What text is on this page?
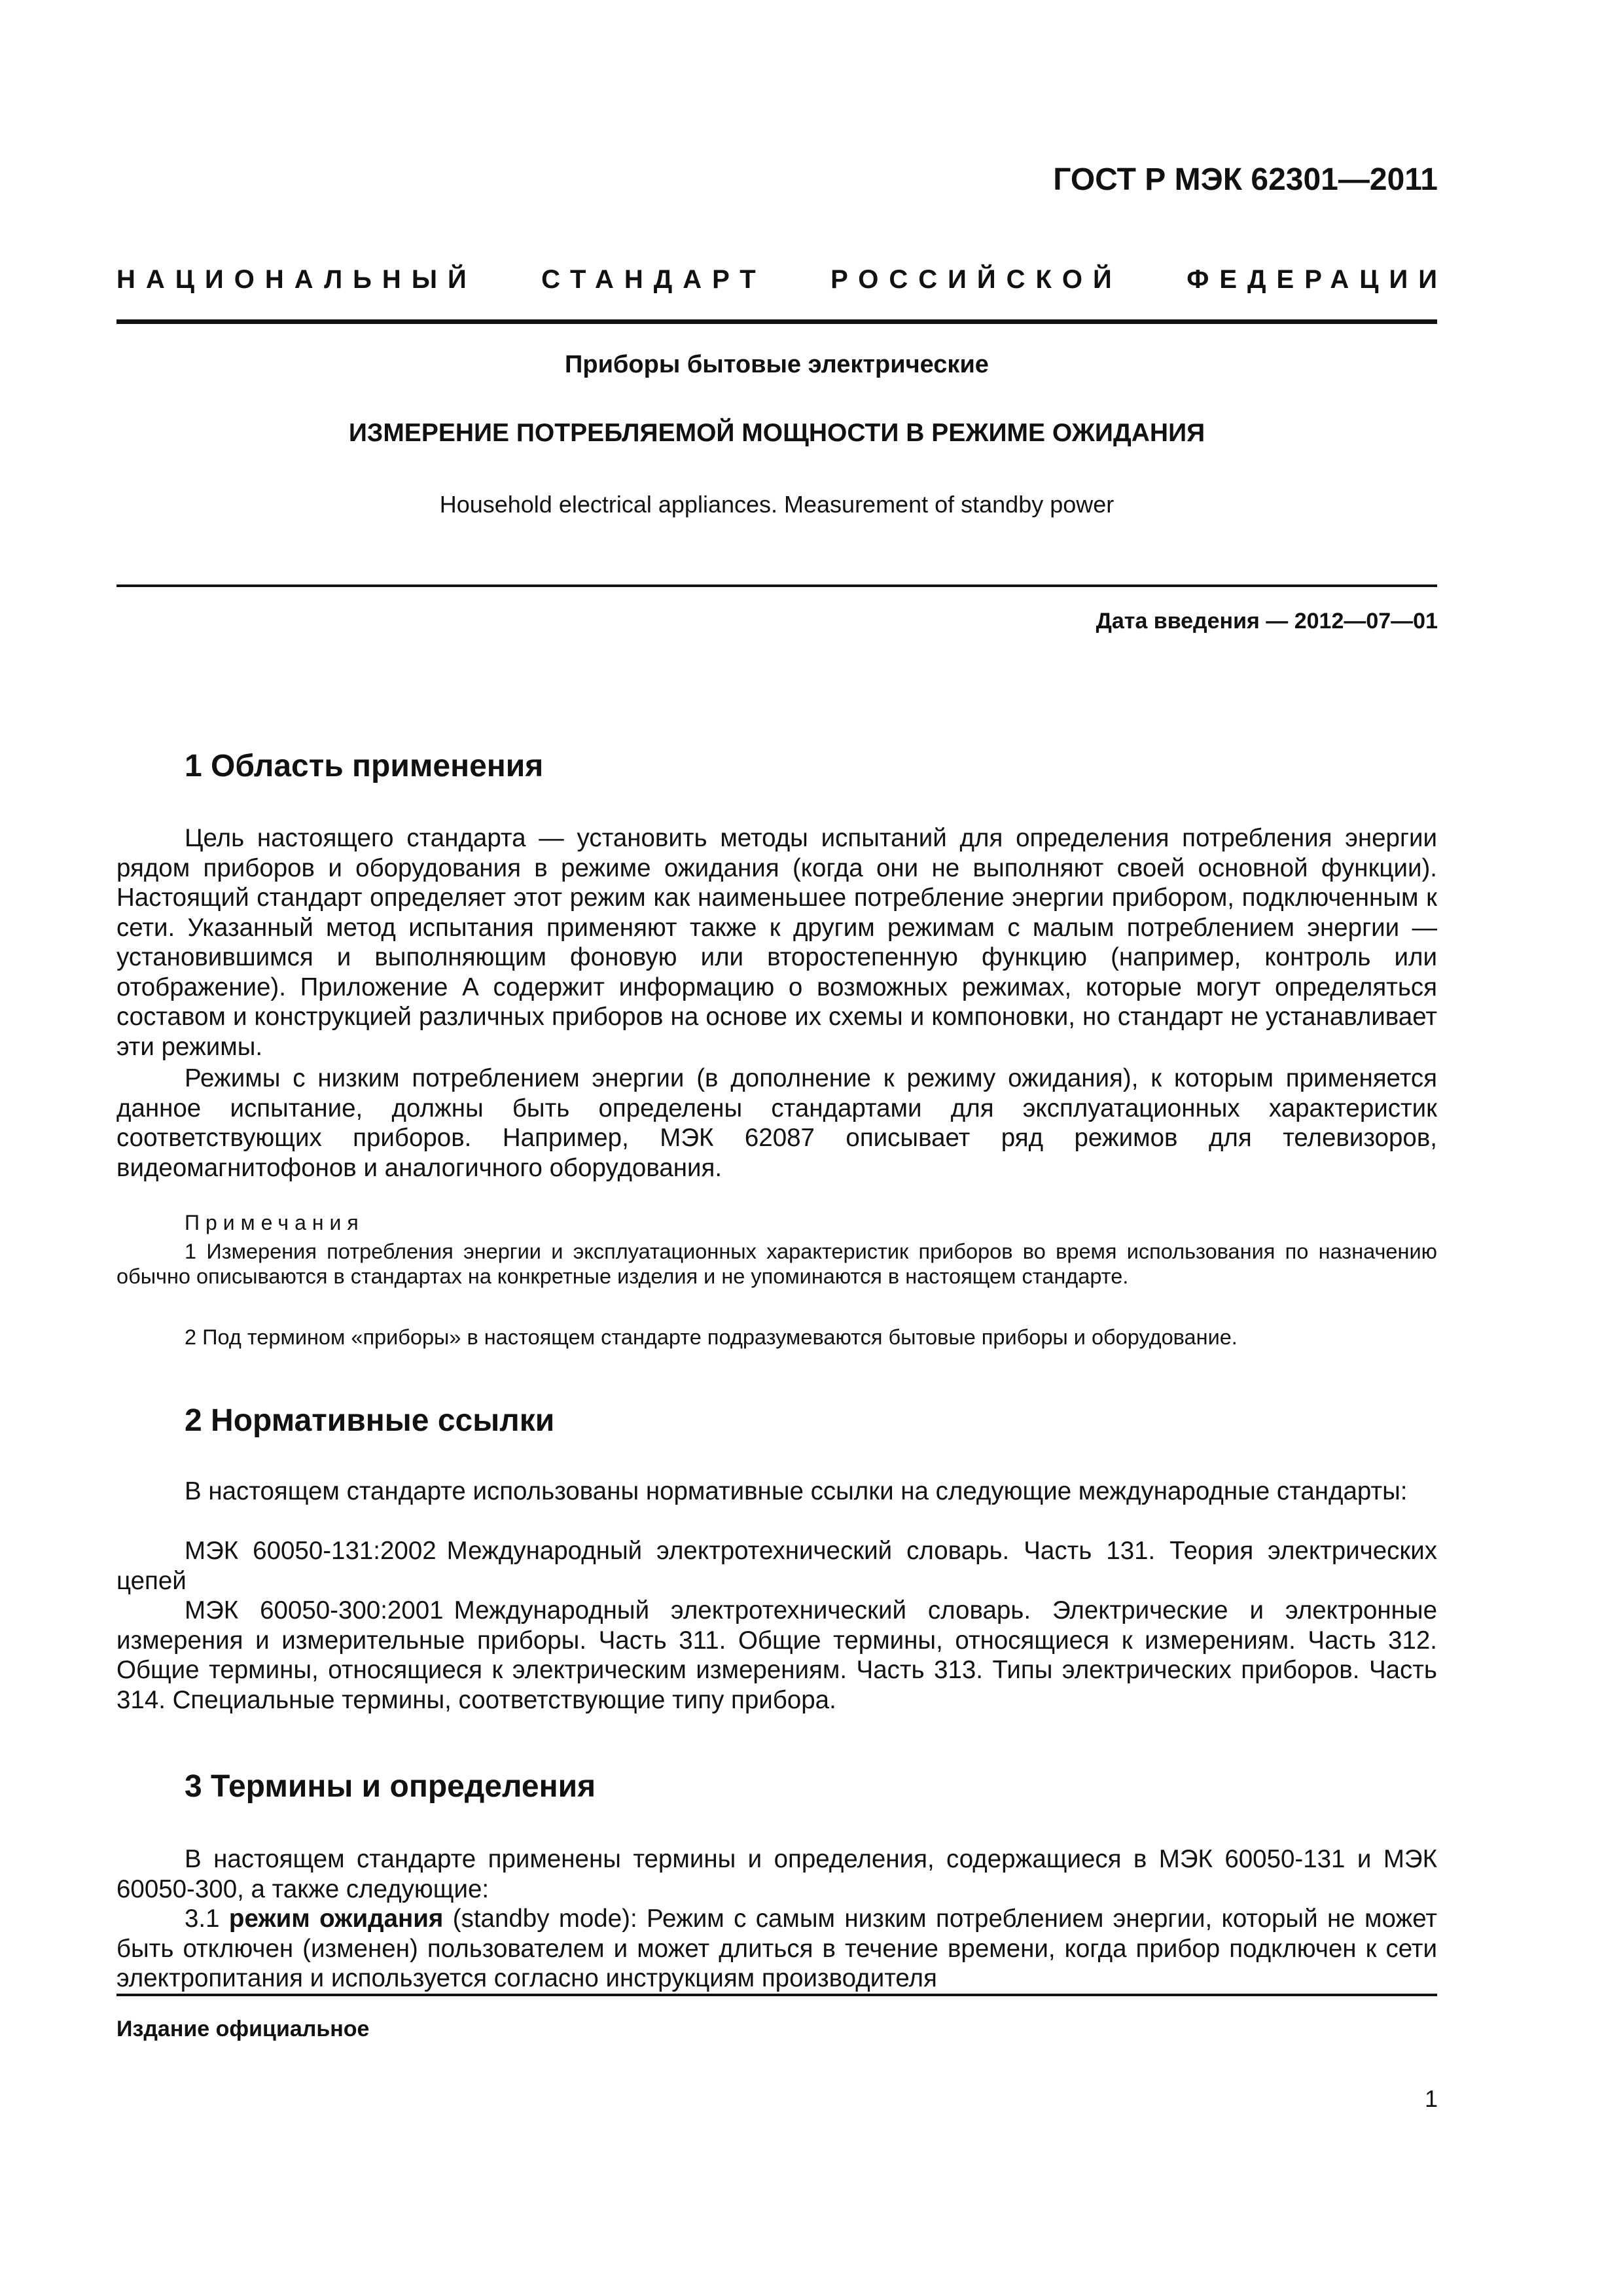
ГОСТ Р МЭК 62301—2011
НАЦИОНАЛЬНЫЙ СТАНДАРТ РОССИЙСКОЙ ФЕДЕРАЦИИ
Приборы бытовые электрические
ИЗМЕРЕНИЕ ПОТРЕБЛЯЕМОЙ МОЩНОСТИ В РЕЖИМЕ ОЖИДАНИЯ
Household electrical appliances. Measurement of standby power
Дата введения — 2012—07—01
1 Область применения

Цель настоящего стандарта — установить методы испытаний для определения потребления энергии рядом приборов и оборудования в режиме ожидания (когда они не выполняют своей основной функции). Настоящий стандарт определяет этот режим как наименьшее потребление энергии прибором, подключенным к сети. Указанный метод испытания применяют также к другим режимам с малым потреблением энергии — установившимся и выполняющим фоновую или второстепенную функцию (например, контроль или отображение). Приложение А содержит информацию о возможных режимах, которые могут определяться составом и конструкцией различных приборов на основе их схемы и компоновки, но стандарт не устанавливает эти режимы.

Режимы с низким потреблением энергии (в дополнение к режиму ожидания), к которым применяется данное испытание, должны быть определены стандартами для эксплуатационных характеристик соответствующих приборов. Например, МЭК 62087 описывает ряд режимов для телевизоров, видеомагнитофонов и аналогичного оборудования.

Примечания

1 Измерения потребления энергии и эксплуатационных характеристик приборов во время использования по назначению обычно описываются в стандартах на конкретные изделия и не упоминаются в настоящем стандарте.

2 Под термином «приборы» в настоящем стандарте подразумеваются бытовые приборы и оборудование.

2 Нормативные ссылки

В настоящем стандарте использованы нормативные ссылки на следующие международные стандарты:

МЭК 60050-131:2002 Международный электротехнический словарь. Часть 131. Теория электрических цепей

МЭК 60050-300:2001 Международный электротехнический словарь. Электрические и электронные измерения и измерительные приборы. Часть 311. Общие термины, относящиеся к измерениям. Часть 312. Общие термины, относящиеся к электрическим измерениям. Часть 313. Типы электрических приборов. Часть 314. Специальные термины, соответствующие типу прибора.

3 Термины и определения

В настоящем стандарте применены термины и определения, содержащиеся в МЭК 60050-131 и МЭК 60050-300, а также следующие:

3.1 режим ожидания (standby mode): Режим с самым низким потреблением энергии, который не может быть отключен (изменен) пользователем и может длиться в течение времени, когда прибор подключен к сети электропитания и используется согласно инструкциям производителя

Издание официальное
1
